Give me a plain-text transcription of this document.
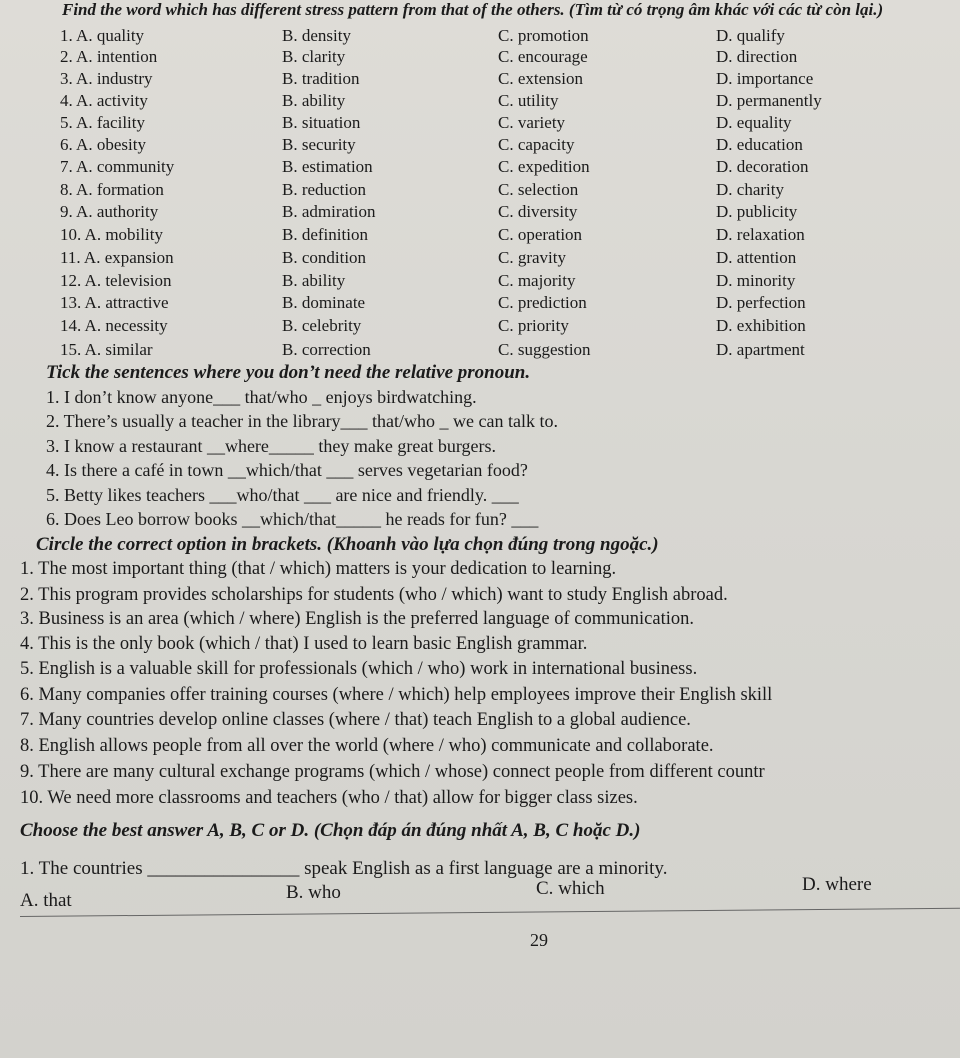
Find the word which has different stress pattern from that of the others. (Tìm từ có trọng âm khác với các từ còn lại.)
1. A. quality	B. density	C. promotion	D. qualify
2. A. intention	B. clarity	C. encourage	D. direction
3. A. industry	B. tradition	C. extension	D. importance
4. A. activity	B. ability	C. utility	D. permanently
5. A. facility	B. situation	C. variety	D. equality
6. A. obesity	B. security	C. capacity	D. education
7. A. community	B. estimation	C. expedition	D. decoration
8. A. formation	B. reduction	C. selection	D. charity
9. A. authority	B. admiration	C. diversity	D. publicity
10. A. mobility	B. definition	C. operation	D. relaxation
11. A. expansion	B. condition	C. gravity	D. attention
12. A. television	B. ability	C. majority	D. minority
13. A. attractive	B. dominate	C. prediction	D. perfection
14. A. necessity	B. celebrity	C. priority	D. exhibition
15. A. similar	B. correction	C. suggestion	D. apartment
Tick the sentences where you don’t need the relative pronoun.
1. I don’t know anyone___ that/who _ enjoys birdwatching.
2. There’s usually a teacher in the library___ that/who _ we can talk to.
3. I know a restaurant __where_____ they make great burgers.
4. Is there a café in town __which/that ___ serves vegetarian food?
5. Betty likes teachers ___who/that ___ are nice and friendly. ___
6. Does Leo borrow books __which/that_____ he reads for fun? ___
Circle the correct option in brackets. (Khoanh vào lựa chọn đúng trong ngoặc.)
1. The most important thing (that / which) matters is your dedication to learning.
2. This program provides scholarships for students (who / which) want to study English abroad.
3. Business is an area (which / where) English is the preferred language of communication.
4. This is the only book (which / that) I used to learn basic English grammar.
5. English is a valuable skill for professionals (which / who) work in international business.
6. Many companies offer training courses (where / which) help employees improve their English skill
7. Many countries develop online classes (where / that) teach English to a global audience.
8. English allows people from all over the world (where / who) communicate and collaborate.
9. There are many cultural exchange programs (which / whose) connect people from different countr
10. We need more classrooms and teachers (who / that) allow for bigger class sizes.
Choose the best answer A, B, C or D. (Chọn đáp án đúng nhất A, B, C hoặc D.)
1. The countries ________________ speak English as a first language are a minority.
A. that	B. who	C. which	D. where
29
